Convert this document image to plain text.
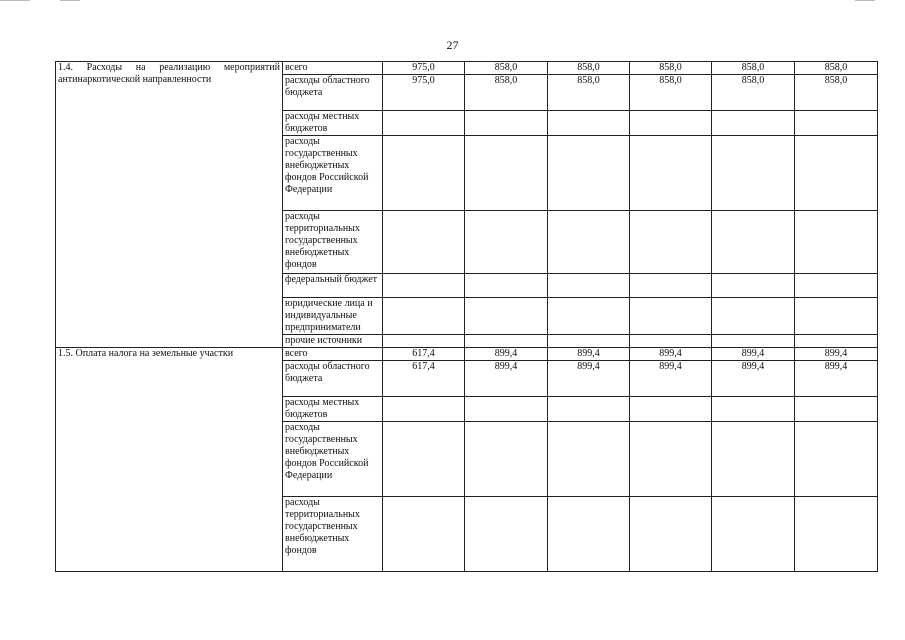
27
1.4. Расходы на реализацию мероприятий антинаркотической направленности	всего	975,0	858,0	858,0	858,0	858,0	858,0
	расходы областного бюджета	975,0	858,0	858,0	858,0	858,0	858,0
	расходы местных бюджетов						
	расходы государственных внебюджетных фондов Российской Федерации						
	расходы территориальных государственных внебюджетных фондов						
	федеральный бюджет						
	юридические лица и индивидуальные предприниматели						
	прочие источники						
1.5. Оплата налога на земельные участки	всего	617,4	899,4	899,4	899,4	899,4	899,4
	расходы областного бюджета	617,4	899,4	899,4	899,4	899,4	899,4
	расходы местных бюджетов						
	расходы государственных внебюджетных фондов Российской Федерации						
	расходы территориальных государственных внебюджетных фондов						
